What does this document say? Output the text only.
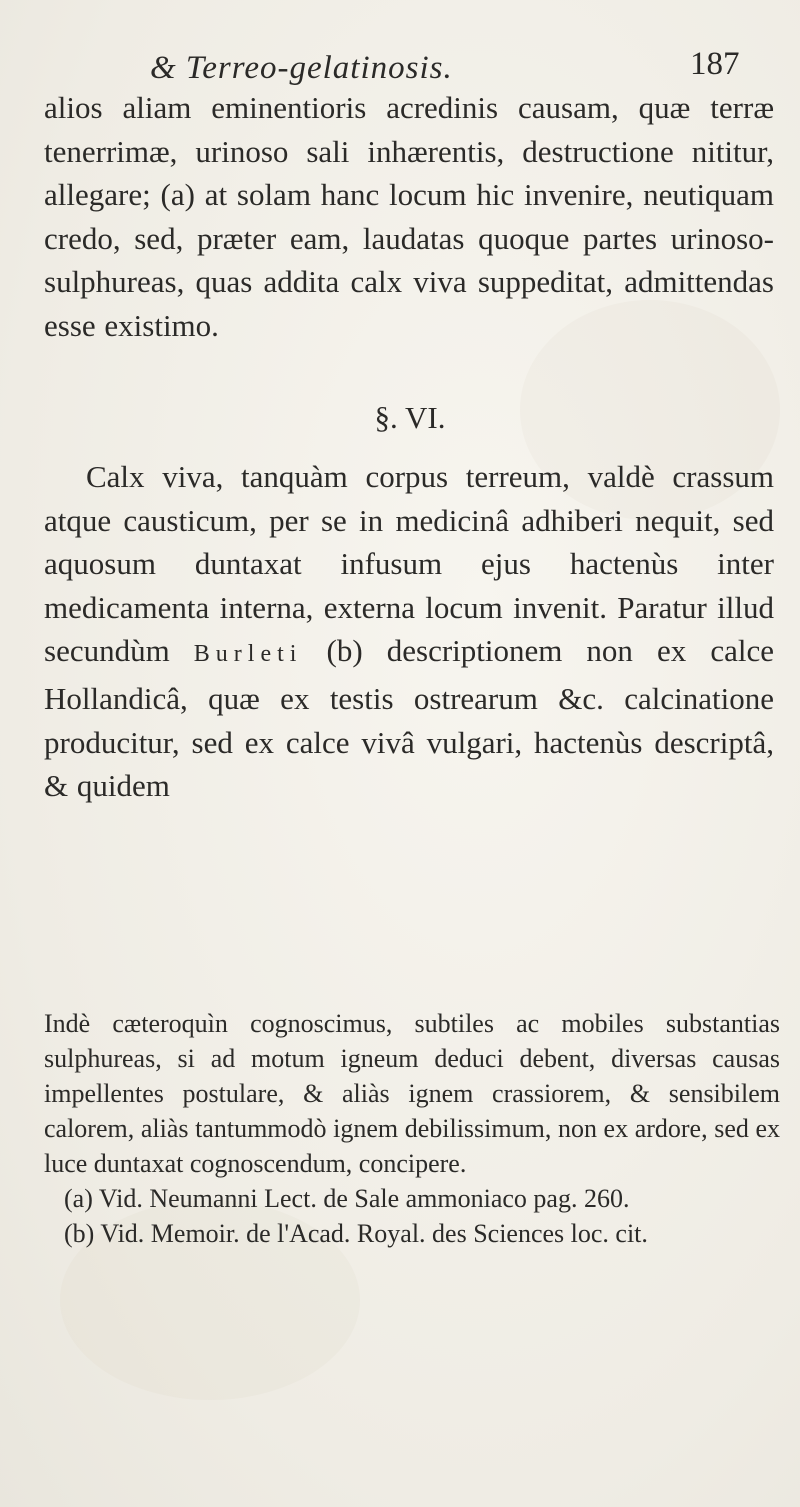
& Terreo-gelatinosis.	187

alios aliam eminentioris acredinis causam, quæ terræ tenerrimæ, urinoso sali inhærentis, destructione nititur, allegare; (a) at solam hanc locum hic invenire, neutiquam credo, sed, præter eam, laudatas quoque partes urinoso-sulphureas, quas addita calx viva suppeditat, admittendas esse existimo.

§. VI.

Calx viva, tanquàm corpus terreum, valdè crassum atque causticum, per se in medicinâ adhiberi nequit, sed aquosum duntaxat infusum ejus hactenùs inter medicamenta interna, externa locum invenit. Paratur illud secundùm Burleti (b) descriptionem non ex calce Hollandicâ, quæ ex testis ostrearum &c. calcinatione producitur, sed ex calce vivâ vulgari, hactenùs descriptâ, & quidem

Indè cæteroquìn cognoscimus, subtiles ac mobiles substantias sulphureas, si ad motum igneum deduci debent, diversas causas impellentes postulare, & aliàs ignem crassiorem, & sensibilem calorem, aliàs tantummodò ignem debilissimum, non ex ardore, sed ex luce duntaxat cognoscendum, concipere.

(a) Vid. Neumanni Lect. de Sale ammoniaco pag. 260.

(b) Vid. Memoir. de l'Acad. Royal. des Sciences loc. cit.
